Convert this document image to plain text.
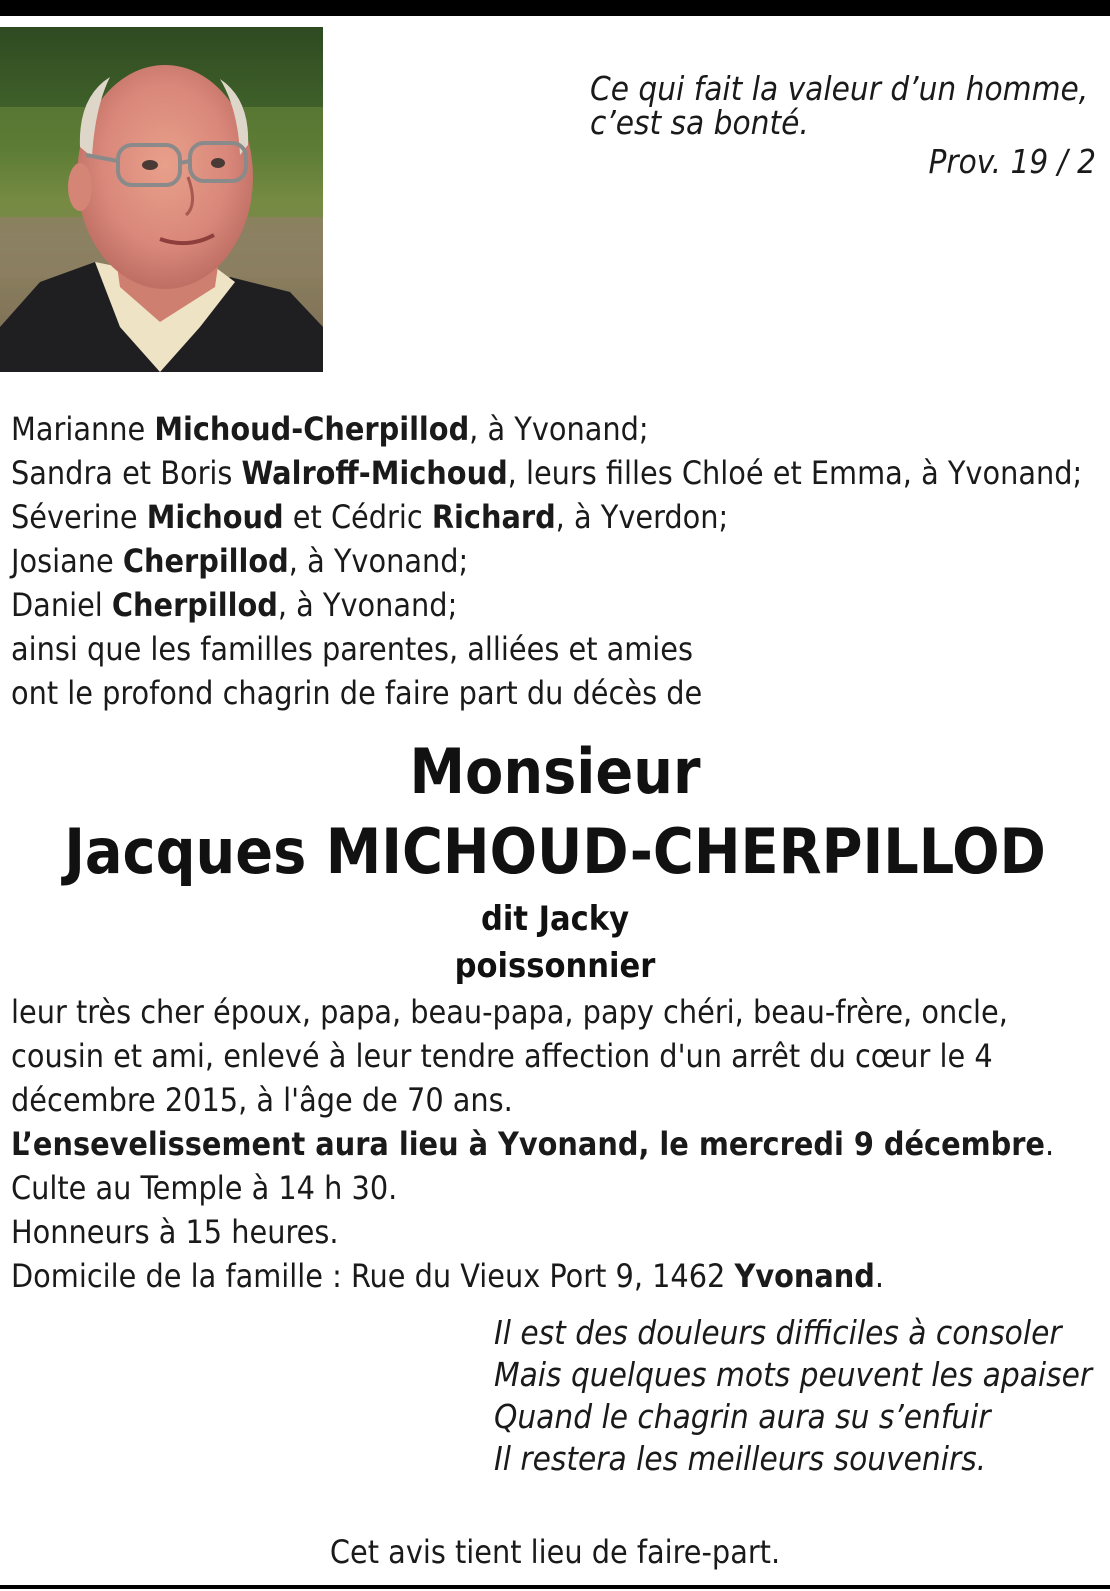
Ce qui fait la valeur d’un homme,
c’est sa bonté.
Prov. 19 / 2
Marianne Michoud-Cherpillod, à Yvonand;
Sandra et Boris Walroff-Michoud, leurs filles Chloé et Emma, à Yvonand;
Séverine Michoud et Cédric Richard, à Yverdon;
Josiane Cherpillod, à Yvonand;
Daniel Cherpillod, à Yvonand;
ainsi que les familles parentes, alliées et amies
ont le profond chagrin de faire part du décès de
Monsieur
Jacques MICHOUD-CHERPILLOD
dit Jacky
poissonnier
leur très cher époux, papa, beau-papa, papy chéri, beau-frère, oncle,
cousin et ami, enlevé à leur tendre affection d'un arrêt du cœur le 4
décembre 2015, à l'âge de 70 ans.
L’ensevelissement aura lieu à Yvonand, le mercredi 9 décembre.
Culte au Temple à 14 h 30.
Honneurs à 15 heures.
Domicile de la famille : Rue du Vieux Port 9, 1462 Yvonand.
Il est des douleurs difficiles à consoler
Mais quelques mots peuvent les apaiser
Quand le chagrin aura su s’enfuir
Il restera les meilleurs souvenirs.
Cet avis tient lieu de faire-part.
